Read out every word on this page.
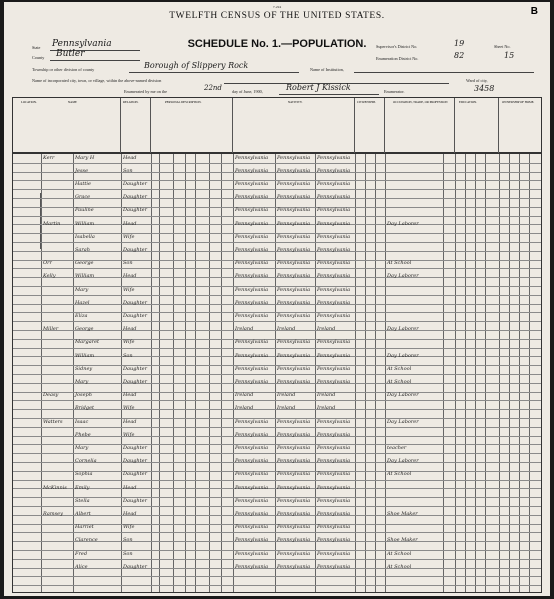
7-224
TWELFTH CENSUS OF THE UNITED STATES.	B
State Pennsylvania
County Butler
SCHEDULE No. 1.—POPULATION.	Supervisor's District No.	19	Sheet No.
Enumeration District No.	82	15
Township or other division of county	Borough of Slippery Rock	Name of Institution,
Name of incorporated city, town, or village, within the above-named division	Ward of city,
Enumerated by me on the	22nd day of June, 1900,	Robert J Kissick	Enumerator.	3458
LOCATION.	NAME	RELATION.	PERSONAL DESCRIPTION.	NATIVITY.	CITIZENSHIP.	OCCUPATION, TRADE, OR PROFESSION	EDUCATION.	OWNERSHIP OF HOME.
Kerr	Mary H	Head	Pennsylvania Pennsylvania Pennsylvania
Jesse	Son	Pennsylvania Pennsylvania Pennsylvania
Hattie	Daughter	Pennsylvania Pennsylvania Pennsylvania
Grace	Daughter	Pennsylvania Pennsylvania Pennsylvania
Pauline	Daughter	Pennsylvania Pennsylvania Pennsylvania
Martin	William	Head	Pennsylvania Pennsylvania Pennsylvania	Day Laborer
Isabella	Wife	Pennsylvania Pennsylvania Pennsylvania
Sarah	Daughter	Pennsylvania Pennsylvania Pennsylvania
Orr	George	Son	Pennsylvania Pennsylvania Pennsylvania	At School
Kelly	William	Head	Pennsylvania Pennsylvania Pennsylvania	Day Laborer
Mary	Wife	Pennsylvania Pennsylvania Pennsylvania
Hazel	Daughter	Pennsylvania Pennsylvania Pennsylvania
Eliza	Daughter	Pennsylvania Pennsylvania Pennsylvania
Miller	George	Head	Ireland	Ireland	Ireland	Day Laborer
Margaret	Wife	Pennsylvania Pennsylvania Pennsylvania
William	Son	Pennsylvania Pennsylvania Pennsylvania	Day Laborer
Sidney	Daughter	Pennsylvania Pennsylvania Pennsylvania	At School
Mary	Daughter	Pennsylvania Pennsylvania Pennsylvania	At School
Deasy	Joseph	Head	Ireland	Ireland	Ireland	Day Laborer
Bridget	Wife	Ireland	Ireland	Ireland
Watters Isaac	Head	Pennsylvania Pennsylvania Pennsylvania	Day Laborer
Phebe	Wife	Pennsylvania Pennsylvania Pennsylvania
Mary	Daughter	Pennsylvania Pennsylvania Pennsylvania	teacher
Cornelia	Daughter	Pennsylvania Pennsylvania Pennsylvania	Day Laborer
Sophia	Daughter	Pennsylvania Pennsylvania Pennsylvania	At School
McKinnis Emily	Head	Pennsylvania Pennsylvania Pennsylvania
Stella	Daughter	Pennsylvania Pennsylvania Pennsylvania
Ramsey Albert	Head	Pennsylvania Pennsylvania Pennsylvania	Shoe Maker
Harriet	Wife	Pennsylvania Pennsylvania Pennsylvania
Clarence	Son	Pennsylvania Pennsylvania Pennsylvania	Shoe Maker
Fred	Son	Pennsylvania Pennsylvania Pennsylvania	At School
Alice	Daughter	Pennsylvania Pennsylvania Pennsylvania	At School
